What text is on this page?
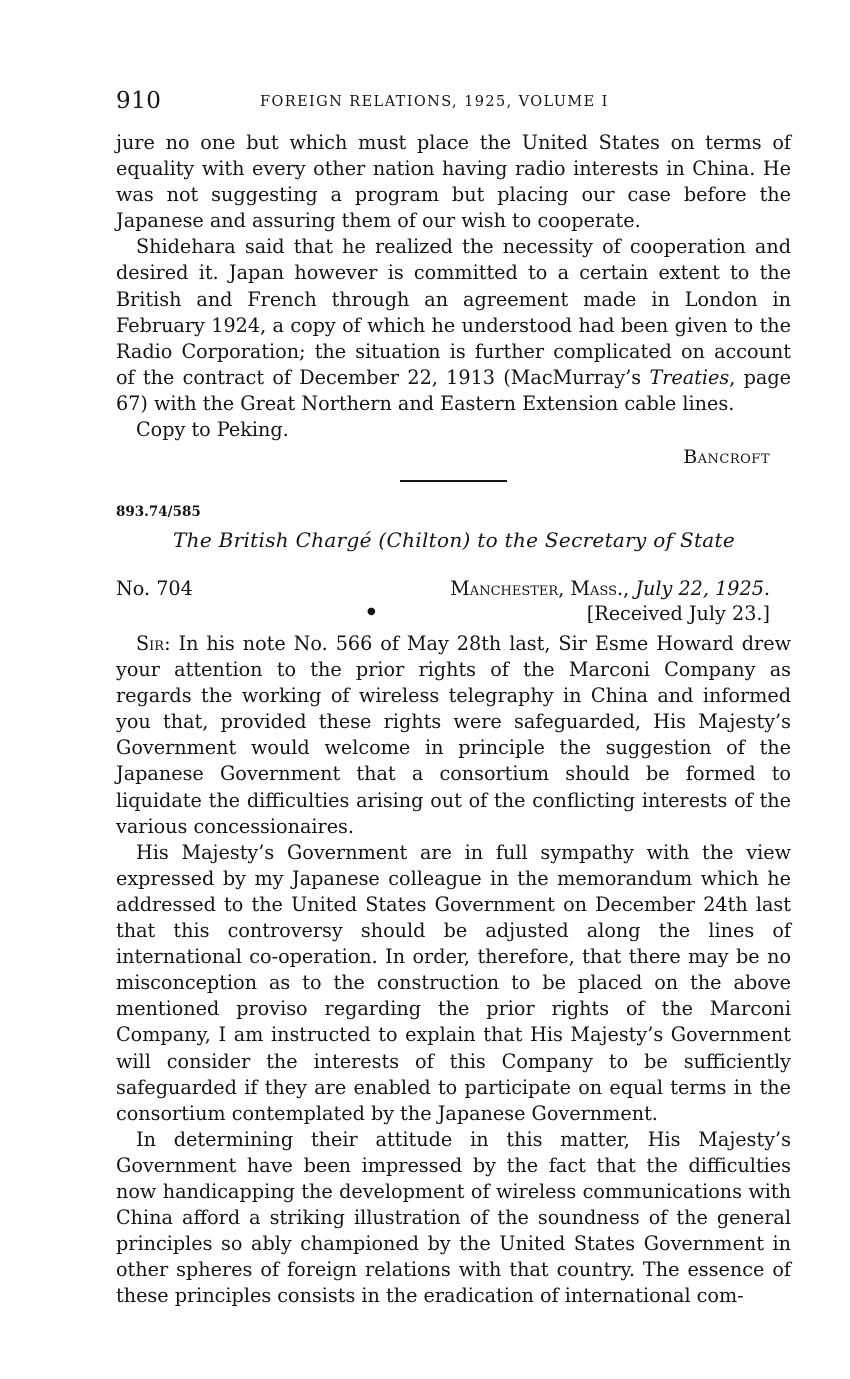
910	FOREIGN RELATIONS, 1925, VOLUME I

jure no one but which must place the United States on terms of equality with every other nation having radio interests in China. He was not suggesting a program but placing our case before the Japanese and assuring them of our wish to cooperate.

Shidehara said that he realized the necessity of cooperation and desired it. Japan however is committed to a certain extent to the British and French through an agreement made in London in February 1924, a copy of which he understood had been given to the Radio Corporation; the situation is further complicated on account of the contract of December 22, 1913 (MacMurray’s Treaties, page 67) with the Great Northern and Eastern Extension cable lines.

Copy to Peking.

Bancroft
893.74/585
The British Chargé (Chilton) to the Secretary of State
No. 704	Manchester, Mass., July 22, 1925.
●	[Received July 23.]

Sir: In his note No. 566 of May 28th last, Sir Esme Howard drew your attention to the prior rights of the Marconi Company as regards the working of wireless telegraphy in China and informed you that, provided these rights were safeguarded, His Majesty’s Government would welcome in principle the suggestion of the Japanese Government that a consortium should be formed to liquidate the difficulties arising out of the conflicting interests of the various concessionaires.

His Majesty’s Government are in full sympathy with the view expressed by my Japanese colleague in the memorandum which he addressed to the United States Government on December 24th last that this controversy should be adjusted along the lines of international co-operation. In order, therefore, that there may be no misconception as to the construction to be placed on the above mentioned proviso regarding the prior rights of the Marconi Company, I am instructed to explain that His Majesty’s Government will consider the interests of this Company to be sufficiently safeguarded if they are enabled to participate on equal terms in the consortium contemplated by the Japanese Government.

In determining their attitude in this matter, His Majesty’s Government have been impressed by the fact that the difficulties now handicapping the development of wireless communications with China afford a striking illustration of the soundness of the general principles so ably championed by the United States Government in other spheres of foreign relations with that country. The essence of these principles consists in the eradication of international com-
